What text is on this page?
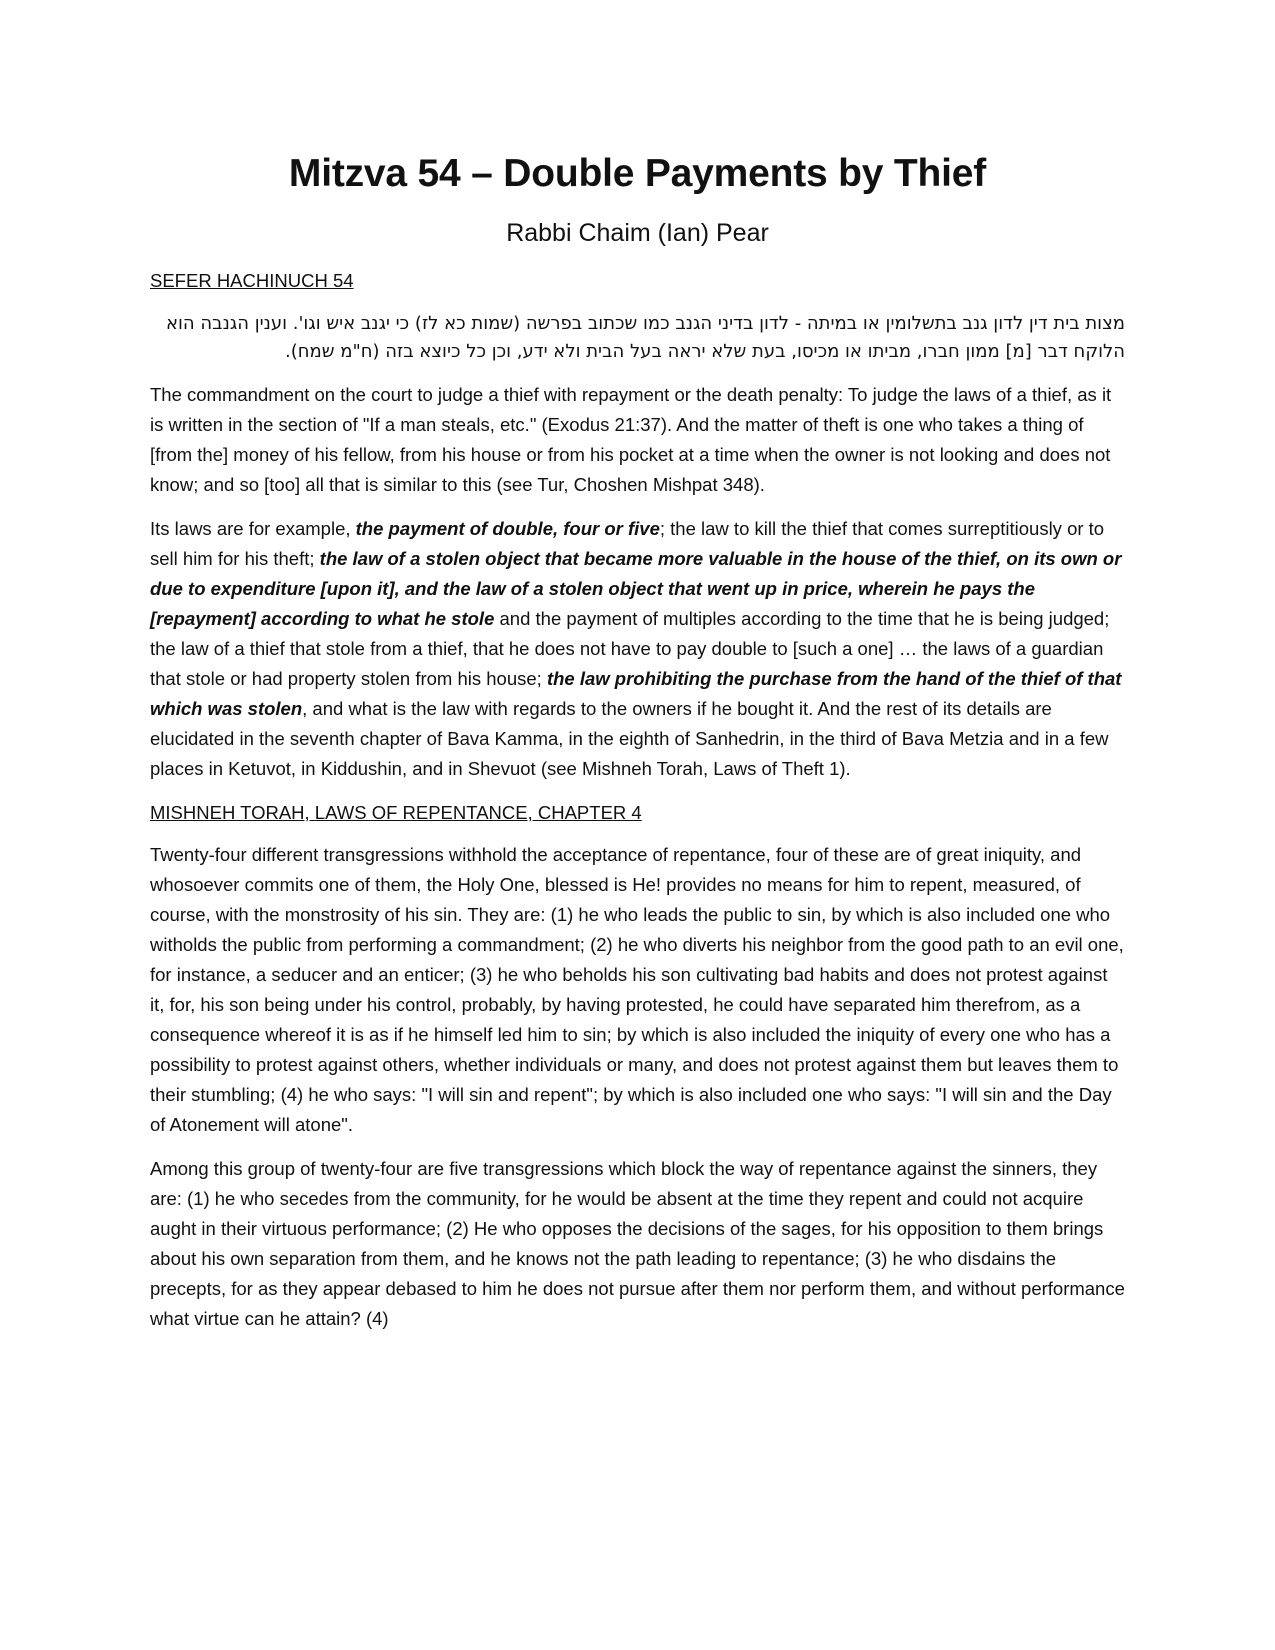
Mitzva 54 – Double Payments by Thief
Rabbi Chaim (Ian) Pear
SEFER HACHINUCH 54

מצות בית דין לדון גנב בתשלומין או במיתה - לדון בדיני הגנב כמו שכתוב בפרשה (שמות כא לז) כי יגנב איש וגו'. וענין הגנבה הוא הלוקח דבר [מ] ממון חברו, מביתו או מכיסו, בעת שלא יראה בעל הבית ולא ידע, וכן כל כיוצא בזה (ח"מ שמח).

The commandment on the court to judge a thief with repayment or the death penalty: To judge the laws of a thief, as it is written in the section of "If a man steals, etc." (Exodus 21:37). And the matter of theft is one who takes a thing of [from the] money of his fellow, from his house or from his pocket at a time when the owner is not looking and does not know; and so [too] all that is similar to this (see Tur, Choshen Mishpat 348).

Its laws are for example, the payment of double, four or five; the law to kill the thief that comes surreptitiously or to sell him for his theft; the law of a stolen object that became more valuable in the house of the thief, on its own or due to expenditure [upon it], and the law of a stolen object that went up in price, wherein he pays the [repayment] according to what he stole and the payment of multiples according to the time that he is being judged; the law of a thief that stole from a thief, that he does not have to pay double to [such a one] … the laws of a guardian that stole or had property stolen from his house; the law prohibiting the purchase from the hand of the thief of that which was stolen, and what is the law with regards to the owners if he bought it. And the rest of its details are elucidated in the seventh chapter of Bava Kamma, in the eighth of Sanhedrin, in the third of Bava Metzia and in a few places in Ketuvot, in Kiddushin, and in Shevuot (see Mishneh Torah, Laws of Theft 1).

MISHNEH TORAH, LAWS OF REPENTANCE, CHAPTER 4

Twenty-four different transgressions withhold the acceptance of repentance, four of these are of great iniquity, and whosoever commits one of them, the Holy One, blessed is He! provides no means for him to repent, measured, of course, with the monstrosity of his sin. They are: (1) he who leads the public to sin, by which is also included one who witholds the public from performing a commandment; (2) he who diverts his neighbor from the good path to an evil one, for instance, a seducer and an enticer; (3) he who beholds his son cultivating bad habits and does not protest against it, for, his son being under his control, probably, by having protested, he could have separated him therefrom, as a consequence whereof it is as if he himself led him to sin; by which is also included the iniquity of every one who has a possibility to protest against others, whether individuals or many, and does not protest against them but leaves them to their stumbling; (4) he who says: "I will sin and repent"; by which is also included one who says: "I will sin and the Day of Atonement will atone".

Among this group of twenty-four are five transgressions which block the way of repentance against the sinners, they are: (1) he who secedes from the community, for he would be absent at the time they repent and could not acquire aught in their virtuous performance; (2) He who opposes the decisions of the sages, for his opposition to them brings about his own separation from them, and he knows not the path leading to repentance; (3) he who disdains the precepts, for as they appear debased to him he does not pursue after them nor perform them, and without performance what virtue can he attain? (4)
